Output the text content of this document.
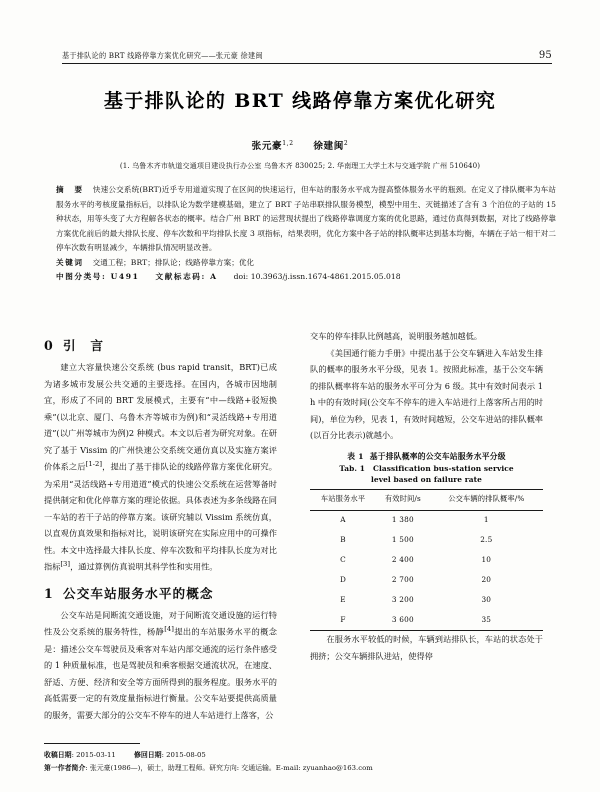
基于排队论的 BRT 线路停靠方案优化研究——张元豪 徐建闽	95
基于排队论的 BRT 线路停靠方案优化研究
张元豪$^{1,2}$ 徐建闽$^2$
(1. 乌鲁木齐市轨道交通项目建设执行办公室 乌鲁木齐 830025; 2. 华南理工大学土木与交通学院 广州 510640)

摘　要 快速公交系统(BRT)近乎专用道道实现了在区间的快速运行，但车站的服务水平成为提高整体服务水平的瓶颈。在定义了排队概率为车站服务水平的考核度量指标后，以排队论为数学建模基础，建立了 BRT 子站串联排队服务模型，模型中用生、灭链描述了含有 3 个泊位的子站的 15 种状态，用等头变了大方程解各状态的概率。结合广州 BRT 的运营现状提出了线路停靠调度方案的优化思路，通过仿真得到数据，对比了线路停靠方案优化前后的最大排队长度、停车次数和平均排队长度 3 项指标，结果表明，优化方案中各子站的排队概率达到基本均衡，车辆在子站一相干对二停车次数有明显减少，车辆排队情况明显改善。

关键词 交通工程；BRT；排队论；线路停靠方案；优化

中图分类号: U491 文献标志码: A doi: 10.3963/j.issn.1674-4861.2015.05.018

0 引　言

建立大容量快速公交系统 (bus rapid transit，BRT)已成为诸多城市发展公共交通的主要选择。在国内，各城市因地制宜，形成了不同的 BRT 发展模式，主要有“中—线路+驳短换乘”(以北京、厦门、乌鲁木齐等城市为例)和“灵活线路+专用道道”(以广州等城市为例)2 种模式。本文以后者为研究对象。在研究了基于 Vissim 的广州快速公交系统交通仿真以及实施方案评价体系之后[1-2]，提出了基于排队论的线路停靠方案优化研究。为采用“灵活线路+专用道道”模式的快速公交系统在运营筹备时提供制定和优化停靠方案的理论依据。具体表述为多条线路在同一车站的若干子站的停靠方案。该研究辅以 Vissim 系统仿真，以直观仿真效果和指标对比，说明该研究在实际应用中的可操作性。本文中选择最大排队长度、停车次数和平均排队长度为对比指标[3]，通过算例仿真说明其科学性和实用性。

1 公交车站服务水平的概念

公交车站是间断流交通设施，对于间断流交通设施的运行特性及公交系统的服务特性，杨静[4]提出的车站服务水平的概念是：描述公交车驾驶员及乘客对车站内部交通流的运行条件感受的 1 种质量标准，也是驾驶员和乘客根据交通流状况，在速度、舒适、方便、经济和安全等方面所得到的服务程度。服务水平的高低需要一定的有效度量指标进行衡量。公交车站要提供高质量的服务，需要大部分的公交车不停车的进人车站进行上落客，公

交车的停车排队比例越高，说明服务越加越低。

《美国通行能力手册》中提出基于公交车辆进入车站发生排队的概率的服务水平分级，见表 1。按照此标准，基于公交车辆的排队概率将车站的服务水平可分为 6 级。其中有效时间表示 1 h 中的有效时间(公交车不停车的进入车站进行上落客所占用的时间)，单位为秒，见表 1，有效时间越短，公交车进站的排队概率(以百分比表示)就越小。

表 1 基于排队概率的公交车站服务水平分级
Tab. 1 Classification bus-station service
level based on failure rate
车站服务水平	有效时间/s	公交车辆的排队概率/%
A	1 380	1
B	1 500	2.5
C	2 400	10
D	2 700	20
E	3 200	30
F	3 600	35

在服务水平较低的时候，车辆到站排队长，车站的状态处于拥挤；公交车辆排队进站，使得停

收稿日期: 2015-03-11	修回日期: 2015-08-05
第一作者简介: 张元豪(1986—)，硕士，助理工程师。研究方向: 交通运输。E-mail: zyuanhao@163.com
